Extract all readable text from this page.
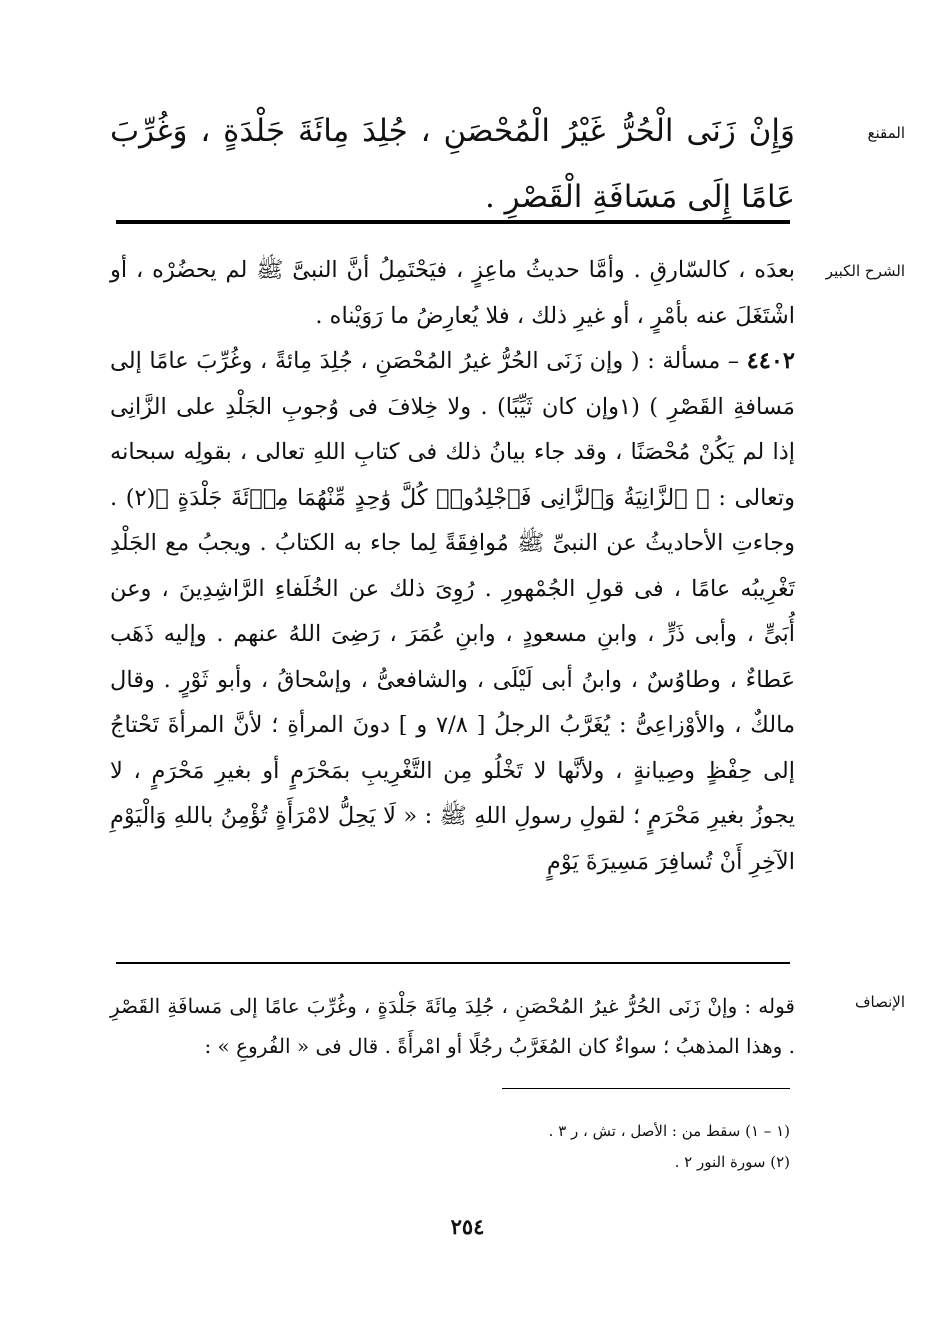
المقنع

وَإِنْ زَنَى الْحُرُّ غَيْرُ الْمُحْصَنِ ، جُلِدَ مِائَةَ جَلْدَةٍ ، وَغُرِّبَ عَامًا إِلَى مَسَافَةِ الْقَصْرِ .

الشرح الكبير

بعدَه ، كالسّارقِ . وأمَّا حديثُ ماعِزٍ ، فيَحْتَمِلُ أنَّ النبىَّ ﷺ لم يحضُرْه ، أو اشْتَغَلَ عنه بأمْرٍ ، أو غيرِ ذلك ، فلا يُعارِضُ ما رَوَيْناه .

٤٤٠٢ – مسألة : ( وإن زَنَى الحُرُّ غيرُ المُحْصَنِ ، جُلِدَ مِائةً ، وغُرِّبَ عامًا إلى مَسافةِ القَصْرِ ) (١وإن كان ثَيِّبًا) . ولا خِلافَ فى وُجوبِ الجَلْدِ على الزَّانِى إذا لم يَكُنْ مُحْصَنًا ، وقد جاء بيانُ ذلك فى كتابِ اللهِ تعالى ، بقولِه سبحانه وتعالى : ﴿ ٱلزَّانِيَةُ وَٱلزَّانِى فَٱجْلِدُوا۟ كُلَّ وَٰحِدٍ مِّنْهُمَا مِا۟ئَةَ جَلْدَةٍ ﴾(٢) . وجاءتِ الأحاديثُ عن النبىِّ ﷺ مُوافِقَةً لِما جاء به الكتابُ . ويجبُ مع الجَلْدِ تَغْرِيبُه عامًا ، فى قولِ الجُمْهورِ . رُوِىَ ذلك عن الخُلَفاءِ الرَّاشِدِينَ ، وعن أُبَىٍّ ، وأبى ذَرٍّ ، وابنِ مسعودٍ ، وابنِ عُمَرَ ، رَضِىَ اللهُ عنهم . وإليه ذَهَب عَطاءٌ ، وطاوُسٌ ، وابنُ أبى لَيْلَى ، والشافعىُّ ، وإسْحاقُ ، وأبو ثَوْرٍ . وقال مالكٌ ، والأوْزاعِىُّ : يُغَرَّبُ الرجلُ [ ٧/٨ و ] دونَ المرأةِ ؛ لأنَّ المرأةَ تَحْتاجُ إلى حِفْظٍ وصِيانةٍ ، ولأنَّها لا تَخْلُو مِن التَّغْرِيبِ بمَحْرَمٍ أو بغيرِ مَحْرَمٍ ، لا يجوزُ بغيرِ مَحْرَمٍ ؛ لقولِ رسولِ اللهِ ﷺ : « لَا يَحِلُّ لامْرَأَةٍ تُؤْمِنُ باللهِ وَالْيَوْمِ الآخِرِ أَنْ تُسافِرَ مَسِيرَةَ يَوْمٍ

الإنصاف

قوله : وإنْ زَنَى الحُرُّ غيرُ المُحْصَنِ ، جُلِدَ مِائَةَ جَلْدَةٍ ، وغُرِّبَ عامًا إلى مَسافَةِ القَصْرِ . وهذا المذهبُ ؛ سواءٌ كان المُغَرَّبُ رجُلًا أو امْرأَةً . قال فى « الفُروعِ » :

(١ – ١) سقط من : الأصل ، تش ، ر ٣ .

(٢) سورة النور ٢ .

٢٥٤
